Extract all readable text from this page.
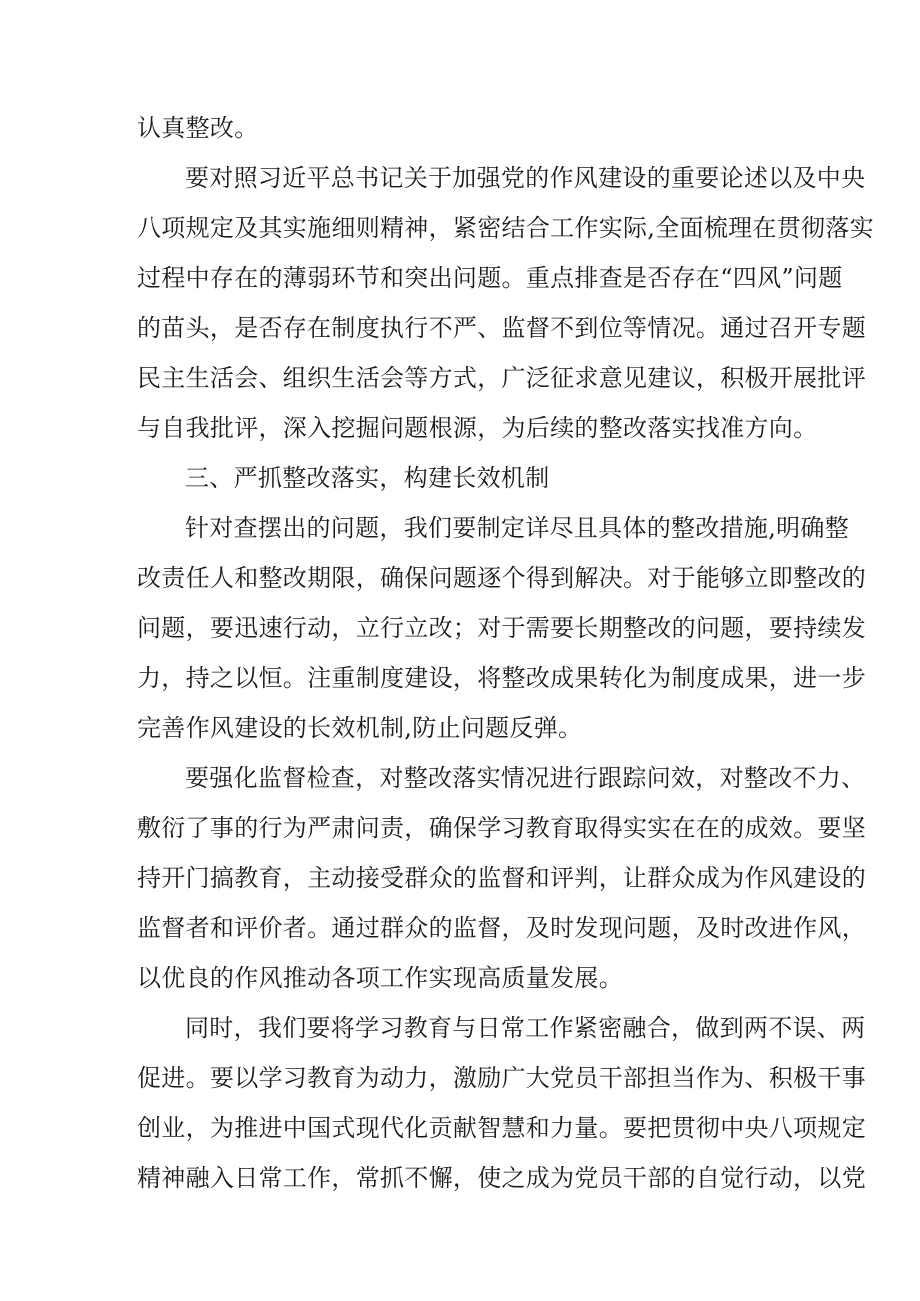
认真整改。
要对照习近平总书记关于加强党的作风建设的重要论述以及中央
八项规定及其实施细则精神，紧密结合工作实际,全面梳理在贯彻落实
过程中存在的薄弱环节和突出问题。重点排查是否存在“四风”问题
的苗头，是否存在制度执行不严、监督不到位等情况。通过召开专题
民主生活会、组织生活会等方式，广泛征求意见建议，积极开展批评
与自我批评，深入挖掘问题根源，为后续的整改落实找准方向。
三、严抓整改落实，构建长效机制
针对查摆出的问题，我们要制定详尽且具体的整改措施,明确整
改责任人和整改期限，确保问题逐个得到解决。对于能够立即整改的
问题，要迅速行动，立行立改；对于需要长期整改的问题，要持续发
力，持之以恒。注重制度建设，将整改成果转化为制度成果，进一步
完善作风建设的长效机制,防止问题反弹。
要强化监督检查，对整改落实情况进行跟踪问效，对整改不力、
敷衍了事的行为严肃问责，确保学习教育取得实实在在的成效。要坚
持开门搞教育，主动接受群众的监督和评判，让群众成为作风建设的
监督者和评价者。通过群众的监督，及时发现问题，及时改进作风，
以优良的作风推动各项工作实现高质量发展。
同时，我们要将学习教育与日常工作紧密融合，做到两不误、两
促进。要以学习教育为动力，激励广大党员干部担当作为、积极干事
创业，为推进中国式现代化贡献智慧和力量。要把贯彻中央八项规定
精神融入日常工作，常抓不懈，使之成为党员干部的自觉行动，以党
